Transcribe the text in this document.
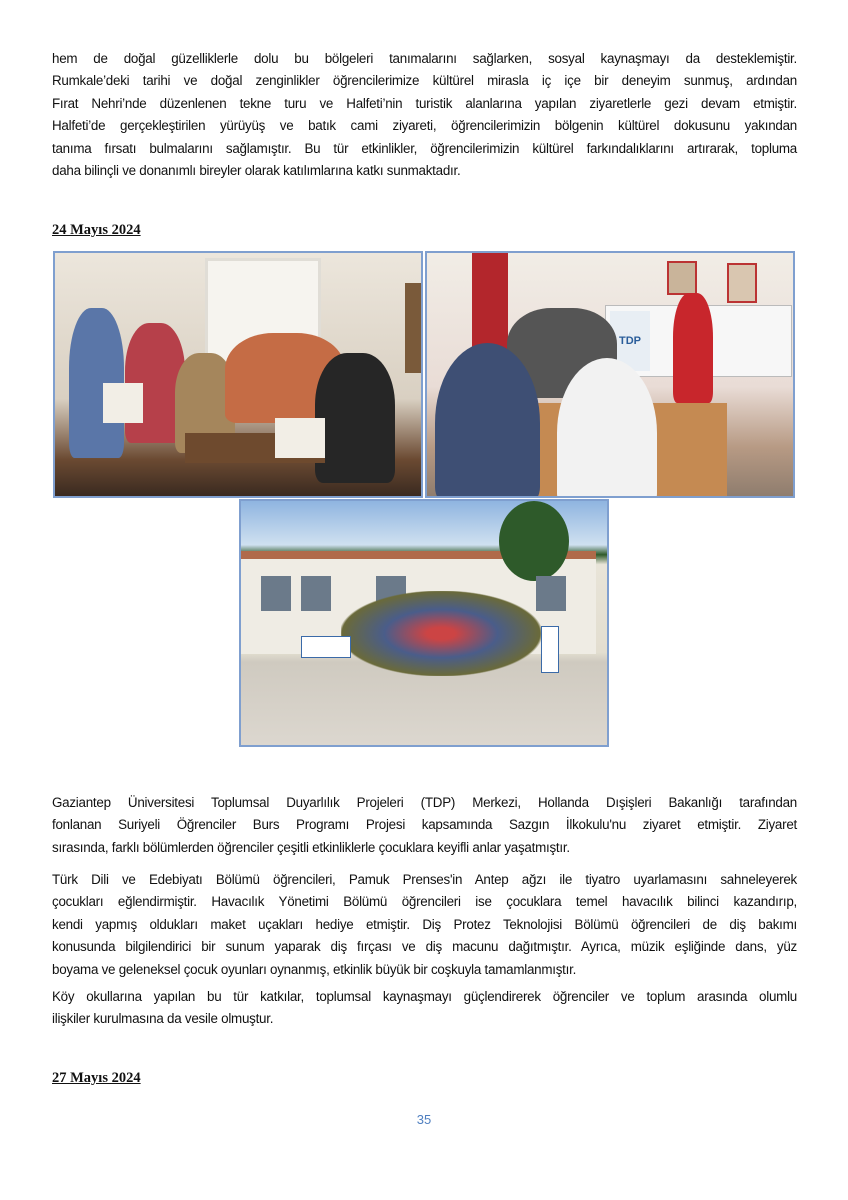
hem de doğal güzelliklerle dolu bu bölgeleri tanımalarını sağlarken, sosyal kaynaşmayı da desteklemiştir.
Rumkale’deki tarihi ve doğal zenginlikler öğrencilerimize kültürel mirasla iç içe bir deneyim sunmuş, ardından
Fırat Nehri’nde düzenlenen tekne turu ve Halfeti’nin turistik alanlarına yapılan ziyaretlerle gezi devam etmiştir.
Halfeti’de gerçekleştirilen yürüyüş ve batık cami ziyareti, öğrencilerimizin bölgenin kültürel dokusunu yakından
tanıma fırsatı bulmalarını sağlamıştır. Bu tür etkinlikler, öğrencilerimizin kültürel farkındalıklarını artırarak, topluma
daha bilinçli ve donanımlı bireyler olarak katılımlarına katkı sunmaktadır.
24 Mayıs 2024
TDP
Gaziantep Üniversitesi Toplumsal Duyarlılık Projeleri (TDP) Merkezi, Hollanda Dışişleri Bakanlığı tarafından
fonlanan Suriyeli Öğrenciler Burs Programı Projesi kapsamında Sazgın İlkokulu'nu ziyaret etmiştir. Ziyaret
sırasında, farklı bölümlerden öğrenciler çeşitli etkinliklerle çocuklara keyifli anlar yaşatmıştır.
Türk Dili ve Edebiyatı Bölümü öğrencileri, Pamuk Prenses'in Antep ağzı ile tiyatro uyarlamasını sahneleyerek
çocukları eğlendirmiştir. Havacılık Yönetimi Bölümü öğrencileri ise çocuklara temel havacılık bilinci kazandırıp,
kendi yapmış oldukları maket uçakları hediye etmiştir. Diş Protez Teknolojisi Bölümü öğrencileri de diş bakımı
konusunda bilgilendirici bir sunum yaparak diş fırçası ve diş macunu dağıtmıştır. Ayrıca, müzik eşliğinde dans, yüz
boyama ve geleneksel çocuk oyunları oynanmış, etkinlik büyük bir coşkuyla tamamlanmıştır.
Köy okullarına yapılan bu tür katkılar, toplumsal kaynaşmayı güçlendirerek öğrenciler ve toplum arasında olumlu
ilişkiler kurulmasına da vesile olmuştur.
27 Mayıs 2024
35
